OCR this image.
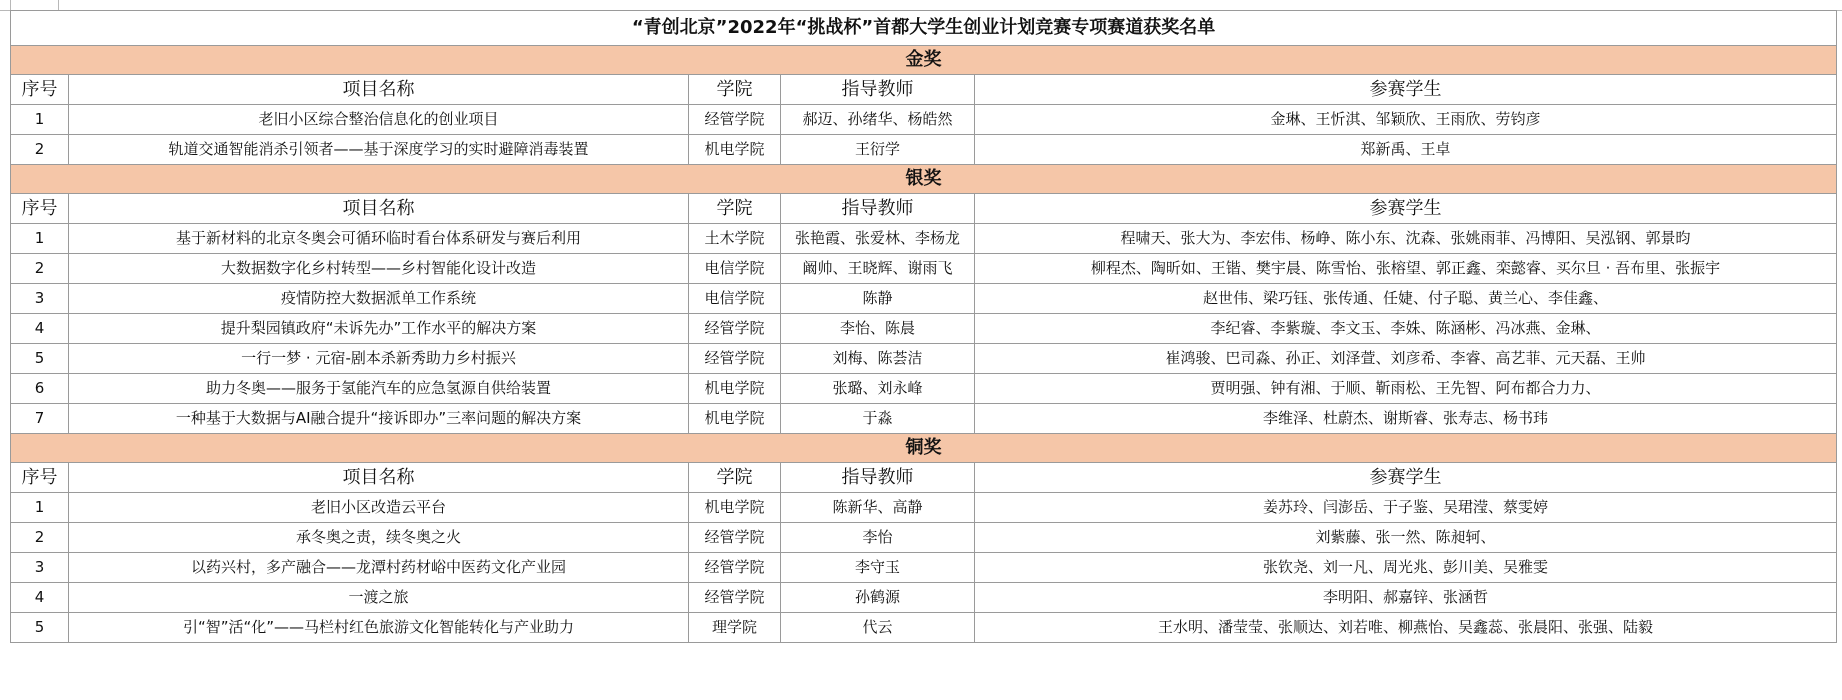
“青创北京”2022年“挑战杯”首都大学生创业计划竞赛专项赛道获奖名单				
金奖				
序号	项目名称	学院	指导教师	参赛学生
1	老旧小区综合整治信息化的创业项目	经管学院	郝迈、孙绪华、杨皓然	金琳、王忻淇、邹颖欣、王雨欣、劳钧彦
2	轨道交通智能消杀引领者——基于深度学习的实时避障消毒装置	机电学院	王衍学	郑新禹、王卓
银奖				
序号	项目名称	学院	指导教师	参赛学生
1	基于新材料的北京冬奥会可循环临时看台体系研发与赛后利用	土木学院	张艳霞、张爱林、李杨龙	程啸天、张大为、李宏伟、杨峥、陈小东、沈森、张姚雨菲、冯博阳、吴泓钢、郭景昀
2	大数据数字化乡村转型——乡村智能化设计改造	电信学院	阚帅、王晓辉、谢雨飞	柳程杰、陶昕如、王锴、樊宇晨、陈雪怡、张榕望、郭正鑫、栾懿睿、买尔旦 · 吾布里、张振宇
3	疫情防控大数据派单工作系统	电信学院	陈静	赵世伟、梁巧钰、张传通、任婕、付子聪、黄兰心、李佳鑫、
4	提升梨园镇政府“未诉先办”工作水平的解决方案	经管学院	李怡、陈晨	李纪睿、李紫璇、李文玉、李姝、陈涵彬、冯冰燕、金琳、
5	一行一梦 · 元宿-剧本杀新秀助力乡村振兴	经管学院	刘梅、陈荟洁	崔鸿骏、巴司淼、孙正、刘泽萱、刘彦希、李睿、高艺菲、元天磊、王帅
6	助力冬奥——服务于氢能汽车的应急氢源自供给装置	机电学院	张璐、刘永峰	贾明强、钟有湘、于顺、靳雨松、王先智、阿布都合力力、
7	一种基于大数据与AI融合提升“接诉即办”三率问题的解决方案	机电学院	于淼	李维泽、杜蔚杰、谢斯睿、张寿志、杨书玮
铜奖				
序号	项目名称	学院	指导教师	参赛学生
1	老旧小区改造云平台	机电学院	陈新华、高静	姜苏玲、闫澎岳、于子鉴、吴珺滢、蔡雯婷
2	承冬奥之责，续冬奥之火	经管学院	李怡	刘紫藤、张一然、陈昶轲、
3	以药兴村，多产融合——龙潭村药材峪中医药文化产业园	经管学院	李守玉	张钦尧、刘一凡、周光兆、彭川美、吴雅雯
4	一渡之旅	经管学院	孙鹤源	李明阳、郝嘉锌、张涵哲
5	引“智”活“化”——马栏村红色旅游文化智能转化与产业助力	理学院	代云	王水明、潘莹莹、张顺达、刘若唯、柳燕怡、吴鑫蕊、张晨阳、张强、陆毅
